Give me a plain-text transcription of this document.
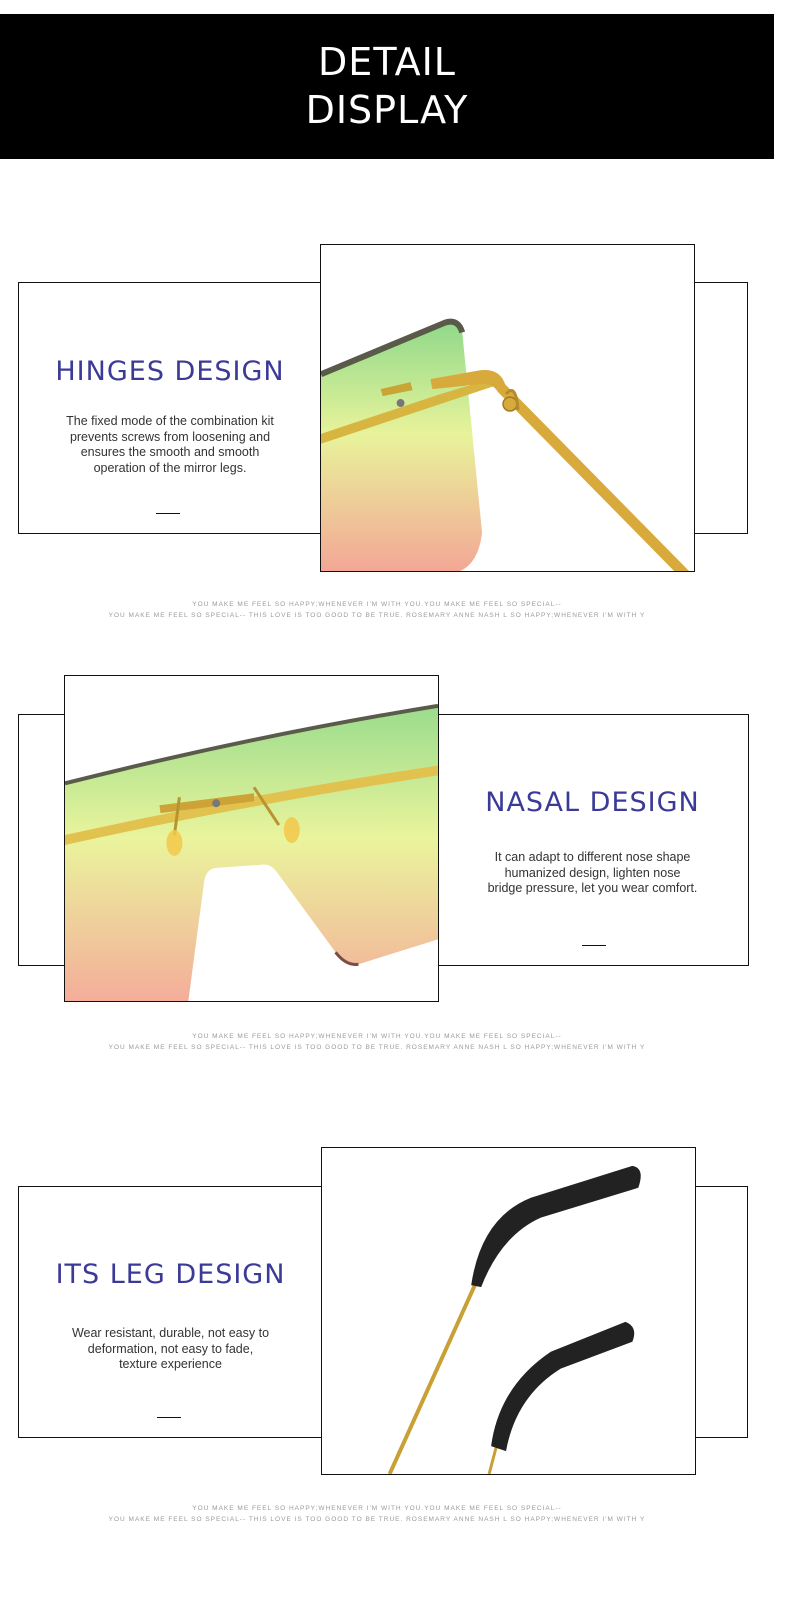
DETAIL
DISPLAY
HINGES DESIGN
The fixed mode of the combination kit
prevents screws from loosening and
ensures the smooth and smooth
operation of the mirror legs.
YOU MAKE ME FEEL SO HAPPY;WHENEVER I'M WITH YOU.YOU MAKE ME FEEL SO SPECIAL--
YOU MAKE ME FEEL SO SPECIAL-- THIS LOVE IS TOO GOOD TO BE TRUE. ROSEMARY ANNE NASH L SO HAPPY;WHENEVER I'M WITH Y
NASAL DESIGN
It can adapt to different nose shape
humanized design, lighten nose
bridge pressure, let you wear comfort.
YOU MAKE ME FEEL SO HAPPY;WHENEVER I'M WITH YOU.YOU MAKE ME FEEL SO SPECIAL--
YOU MAKE ME FEEL SO SPECIAL-- THIS LOVE IS TOO GOOD TO BE TRUE. ROSEMARY ANNE NASH L SO HAPPY;WHENEVER I'M WITH Y
ITS LEG DESIGN
Wear resistant, durable, not easy to
deformation, not easy to fade,
texture experience
YOU MAKE ME FEEL SO HAPPY;WHENEVER I'M WITH YOU.YOU MAKE ME FEEL SO SPECIAL--
YOU MAKE ME FEEL SO SPECIAL-- THIS LOVE IS TOO GOOD TO BE TRUE. ROSEMARY ANNE NASH L SO HAPPY;WHENEVER I'M WITH Y
